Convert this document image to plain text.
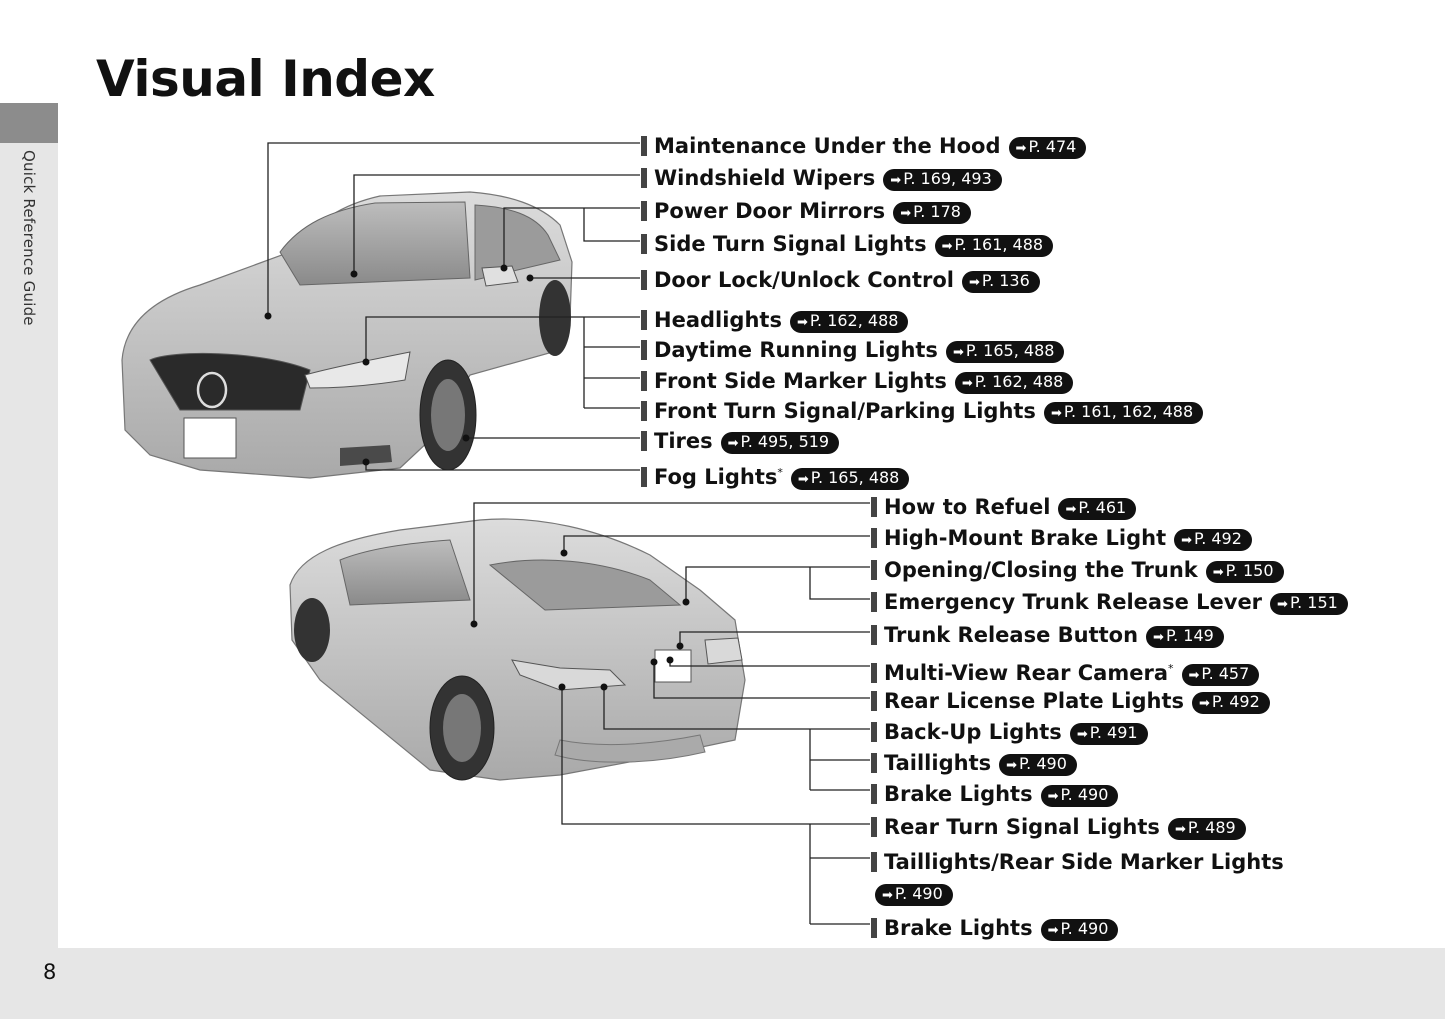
Quick Reference Guide
Visual Index
8
Maintenance Under the Hood ➡ P. 474
Windshield Wipers ➡ P. 169, 493
Power Door Mirrors ➡ P. 178
Side Turn Signal Lights ➡ P. 161, 488
Door Lock/Unlock Control ➡ P. 136
Headlights ➡ P. 162, 488
Daytime Running Lights ➡ P. 165, 488
Front Side Marker Lights ➡ P. 162, 488
Front Turn Signal/Parking Lights ➡ P. 161, 162, 488
Tires ➡ P. 495, 519
Fog Lights* ➡ P. 165, 488
How to Refuel ➡ P. 461
High-Mount Brake Light ➡ P. 492
Opening/Closing the Trunk ➡ P. 150
Emergency Trunk Release Lever ➡ P. 151
Trunk Release Button ➡ P. 149
Multi-View Rear Camera* ➡ P. 457
Rear License Plate Lights ➡ P. 492
Back-Up Lights ➡ P. 491
Taillights ➡ P. 490
Brake Lights ➡ P. 490
Rear Turn Signal Lights ➡ P. 489
Taillights/Rear Side Marker Lights
➡ P. 490
Brake Lights ➡ P. 490
